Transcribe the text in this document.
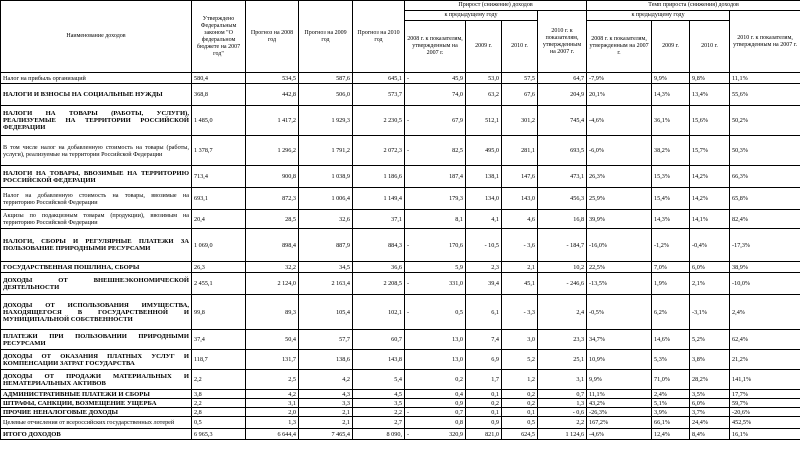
Наименование доходов	Утверждено Федеральным законом "О федеральном бюджете на 2007 год"	Прогноз на 2008 год	Прогноз на 2009 год	Прогноз на 2010 год	Прирост (снижение) доходов					Темп прироста (снижения) доходов			
					к предыдущему году				2010 г. к показателям, утвержденным на 2007 г.	к предыдущему году			2010 г. к показателям, утвержденным на 2007 г.
					2008 г. к показателям, утвержденным на 2007 г.		2009 г.	2010 г.		2008 г. к показателям, утвержденным на 2007 г.	2009 г.	2010 г.	
Налог на прибыль организаций	580,4	534,5	587,6	645,1	-	45,9	53,0	57,5	64,7	-7,9%	9,9%	9,8%	11,1%
НАЛОГИ И ВЗНОСЫ НА СОЦИАЛЬНЫЕ НУЖДЫ	368,8	442,8	506,0	573,7		74,0	63,2	67,6	204,9	20,1%	14,3%	13,4%	55,6%
НАЛОГИ НА ТОВАРЫ (РАБОТЫ, УСЛУГИ), РЕАЛИЗУЕМЫЕ НА ТЕРРИТОРИИ РОССИЙСКОЙ ФЕДЕРАЦИИ	1 485,0	1 417,2	1 929,3	2 230,5	-	67,9	512,1	301,2	745,4	-4,6%	36,1%	15,6%	50,2%
В том числе налог на добавленную стоимость на товары (работы, услуги), реализуемые на территории Российской Федерации	1 378,7	1 296,2	1 791,2	2 072,3	-	82,5	495,0	281,1	693,5	-6,0%	38,2%	15,7%	50,3%
НАЛОГИ НА ТОВАРЫ, ВВОЗИМЫЕ НА ТЕРРИТОРИЮ РОССИЙСКОЙ ФЕДЕРАЦИИ	713,4	900,8	1 038,9	1 186,6		187,4	138,1	147,6	473,1	26,3%	15,3%	14,2%	66,3%
Налог на добавленную стоимость на товары, ввозимые на территорию Российской Федерации	693,1	872,3	1 006,4	1 149,4		179,3	134,0	143,0	456,3	25,9%	15,4%	14,2%	65,8%
Акцизы по подакцизным товарам (продукции), ввозимым на территорию Российской Федерации	20,4	28,5	32,6	37,1		8,1	4,1	4,6	16,8	39,9%	14,3%	14,1%	82,4%
НАЛОГИ, СБОРЫ И РЕГУЛЯРНЫЕ ПЛАТЕЖИ ЗА ПОЛЬЗОВАНИЕ ПРИРОДНЫМИ РЕСУРСАМИ	1 069,0	898,4	887,9	884,3	-	170,6	- 10,5	- 3,6	- 184,7	-16,0%	-1,2%	-0,4%	-17,3%
ГОСУДАРСТВЕННАЯ ПОШЛИНА, СБОРЫ	26,3	32,2	34,5	36,6		5,9	2,3	2,1	10,2	22,5%	7,0%	6,0%	38,9%
ДОХОДЫ ОТ ВНЕШНЕЭКОНОМИЧЕСКОЙ ДЕЯТЕЛЬНОСТИ	2 455,1	2 124,0	2 163,4	2 208,5	-	331,0	39,4	45,1	- 246,6	-13,5%	1,9%	2,1%	-10,0%
ДОХОДЫ ОТ ИСПОЛЬЗОВАНИЯ ИМУЩЕСТВА, НАХОДЯЩЕГОСЯ В ГОСУДАРСТВЕННОЙ И МУНИЦИПАЛЬНОЙ СОБСТВЕННОСТИ	99,8	89,3	105,4	102,1	-	0,5	6,1	- 3,3	2,4	-0,5%	6,2%	-3,1%	2,4%
ПЛАТЕЖИ ПРИ ПОЛЬЗОВАНИИ ПРИРОДНЫМИ РЕСУРСАМИ	37,4	50,4	57,7	60,7		13,0	7,4	3,0	23,3	34,7%	14,6%	5,2%	62,4%
ДОХОДЫ ОТ ОКАЗАНИЯ ПЛАТНЫХ УСЛУГ И КОМПЕНСАЦИИ ЗАТРАТ ГОСУДАРСТВА	118,7	131,7	138,6	143,8		13,0	6,9	5,2	25,1	10,9%	5,3%	3,8%	21,2%
ДОХОДЫ ОТ ПРОДАЖИ МАТЕРИАЛЬНЫХ И НЕМАТЕРИАЛЬНЫХ АКТИВОВ	2,2	2,5	4,2	5,4		0,2	1,7	1,2	3,1	9,9%	71,0%	28,2%	141,1%
АДМИНИСТРАТИВНЫЕ ПЛАТЕЖИ И СБОРЫ	3,8	4,2	4,3	4,5		0,4	0,1	0,2	0,7	11,1%	2,4%	3,5%	17,7%
ШТРАФЫ, САНКЦИИ, ВОЗМЕЩЕНИЕ УЩЕРБА	2,2	3,1	3,3	3,5		0,9	0,2	0,2	1,3	43,2%	5,1%	6,0%	59,7%
ПРОЧИЕ НЕНАЛОГОВЫЕ ДОХОДЫ	2,8	2,0	2,1	2,2	-	0,7	0,1	0,1	- 0,6	-26,3%	3,9%	3,7%	-20,6%
Целевые отчисления от всероссийских государственных лотерей	0,5	1,3	2,1	2,7		0,8	0,9	0,5	2,2	167,2%	66,1%	24,4%	452,5%
ИТОГО ДОХОДОВ	6 965,3	6 644,4	7 465,4	8 090,	-	320,9	821,0	624,5	1 124,6	-4,6%	12,4%	8,4%	16,1%
